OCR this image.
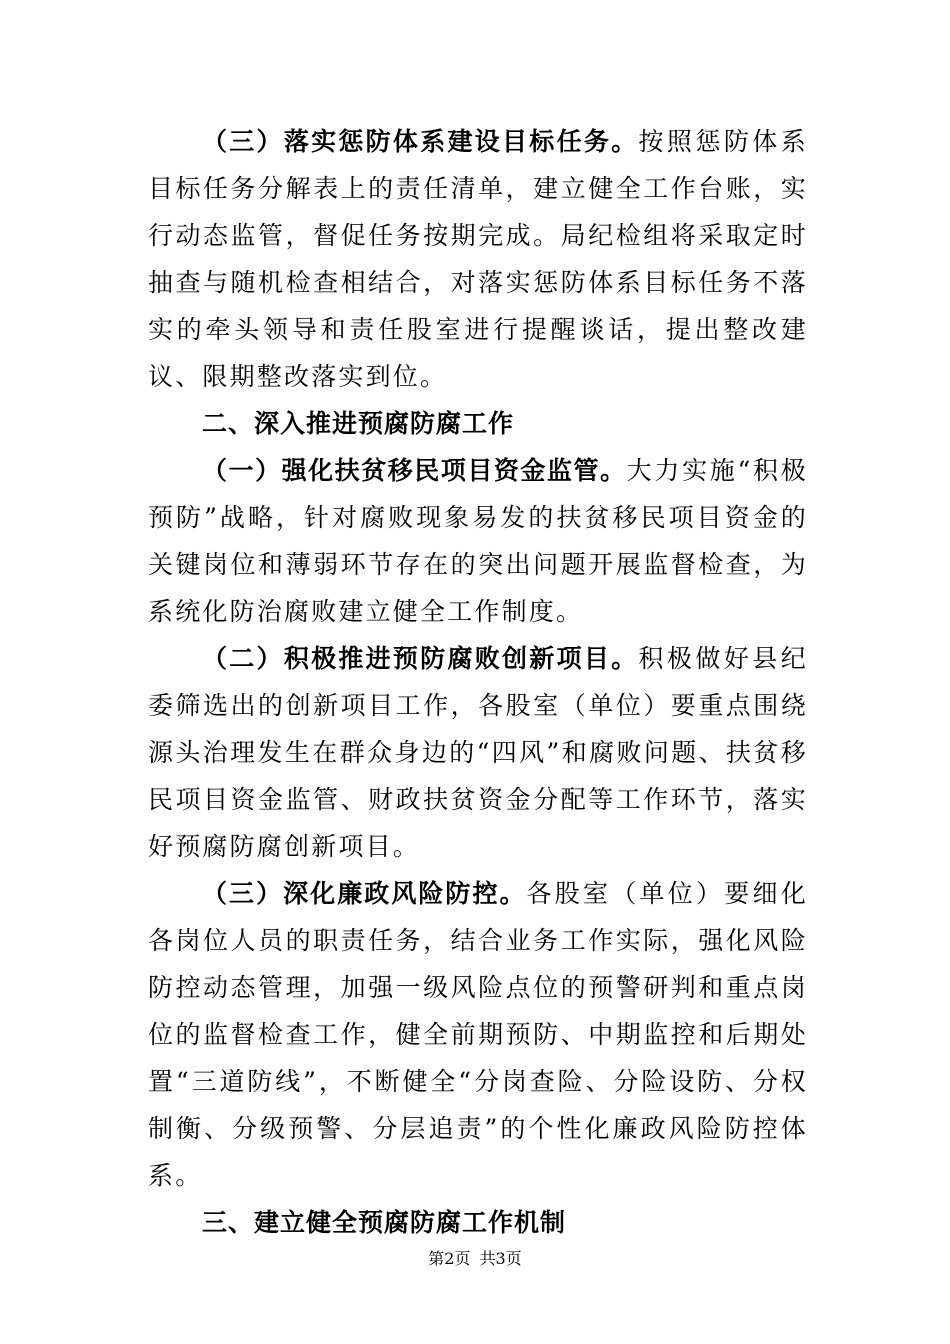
（三）落实惩防体系建设目标任务。按照惩防体系目标任务分解表上的责任清单，建立健全工作台账，实行动态监管，督促任务按期完成。局纪检组将采取定时抽查与随机检查相结合，对落实惩防体系目标任务不落实的牵头领导和责任股室进行提醒谈话，提出整改建议、限期整改落实到位。

二、深入推进预腐防腐工作

（一）强化扶贫移民项目资金监管。大力实施“积极预防”战略，针对腐败现象易发的扶贫移民项目资金的关键岗位和薄弱环节存在的突出问题开展监督检查，为系统化防治腐败建立健全工作制度。

（二）积极推进预防腐败创新项目。积极做好县纪委筛选出的创新项目工作，各股室（单位）要重点围绕源头治理发生在群众身边的“四风”和腐败问题、扶贫移民项目资金监管、财政扶贫资金分配等工作环节，落实好预腐防腐创新项目。

（三）深化廉政风险防控。各股室（单位）要细化各岗位人员的职责任务，结合业务工作实际，强化风险防控动态管理，加强一级风险点位的预警研判和重点岗位的监督检查工作，健全前期预防、中期监控和后期处置“三道防线”，不断健全“分岗查险、分险设防、分权制衡、分级预警、分层追责”的个性化廉政风险防控体系。

三、建立健全预腐防腐工作机制

第2页 共3页
